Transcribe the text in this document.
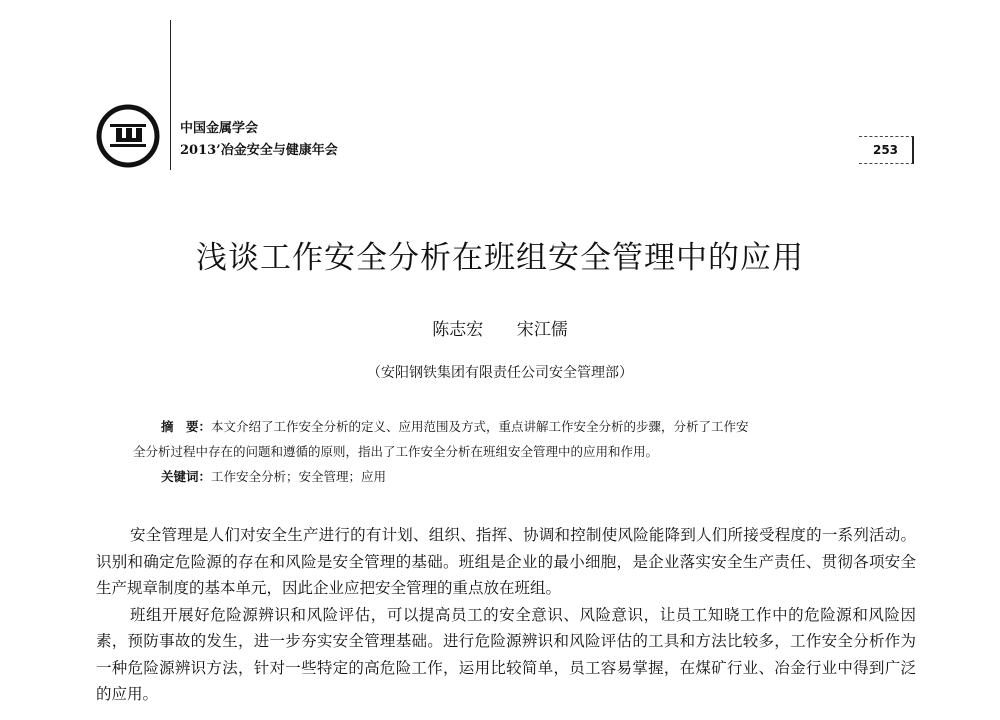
中国金属学会
2013’冶金安全与健康年会	253
浅谈工作安全分析在班组安全管理中的应用
陈志宏 宋江儒
（安阳钢铁集团有限责任公司安全管理部）

摘　要：本文介绍了工作安全分析的定义、应用范围及方式，重点讲解工作安全分析的步骤，分析了工作安

全分析过程中存在的问题和遵循的原则，指出了工作安全分析在班组安全管理中的应用和作用。

关键词：工作安全分析；安全管理；应用

安全管理是人们对安全生产进行的有计划、组织、指挥、协调和控制使风险能降到人们所接受程度的一系列活动。识别和确定危险源的存在和风险是安全管理的基础。班组是企业的最小细胞，是企业落实安全生产责任、贯彻各项安全生产规章制度的基本单元，因此企业应把安全管理的重点放在班组。

班组开展好危险源辨识和风险评估，可以提高员工的安全意识、风险意识，让员工知晓工作中的危险源和风险因素，预防事故的发生，进一步夯实安全管理基础。进行危险源辨识和风险评估的工具和方法比较多，工作安全分析作为一种危险源辨识方法，针对一些特定的高危险工作，运用比较简单，员工容易掌握，在煤矿行业、冶金行业中得到广泛的应用。
